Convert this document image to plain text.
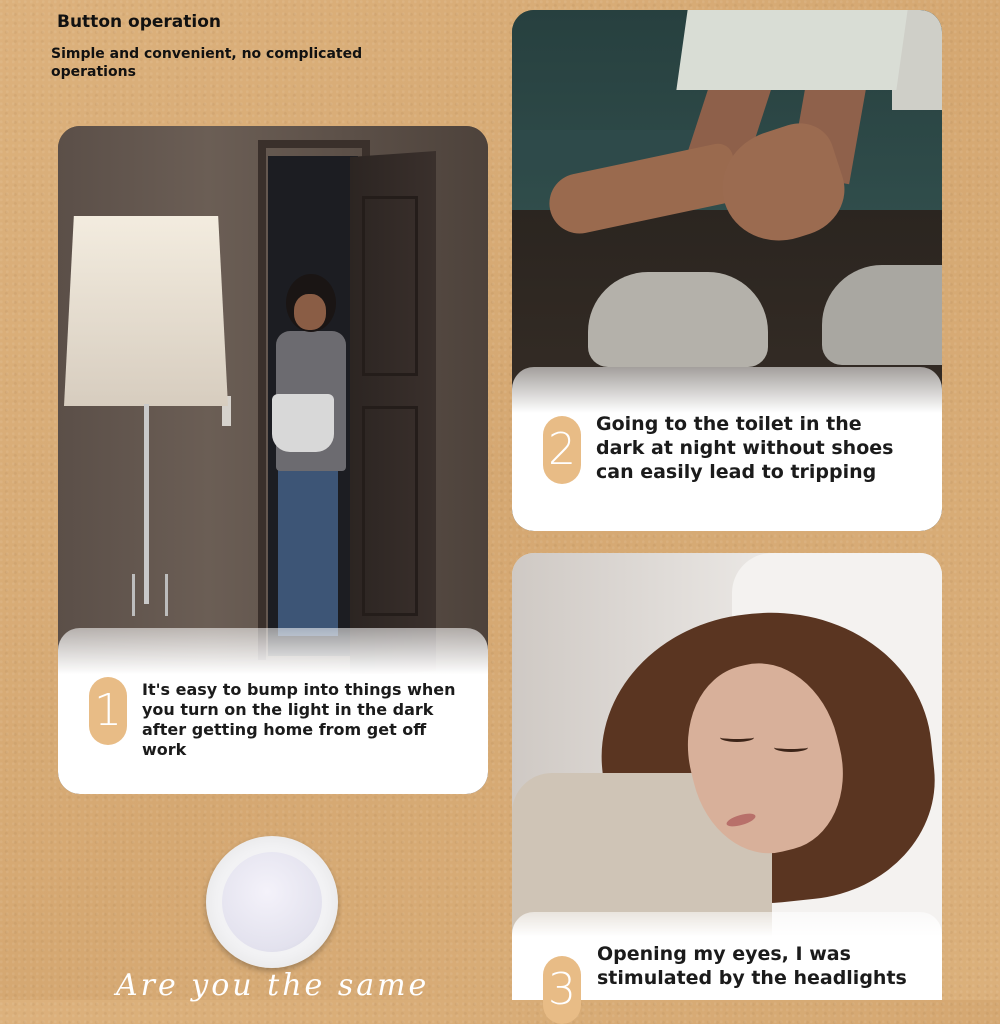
Button operation
Simple and convenient, no complicated operations
1	It's easy to bump into things when you turn on the light in the dark after getting home from get off work
2 Going to the toilet in the dark at night without shoes can easily lead to tripping
3
Opening my eyes, I was stimulated by the headlights
Are you the same
